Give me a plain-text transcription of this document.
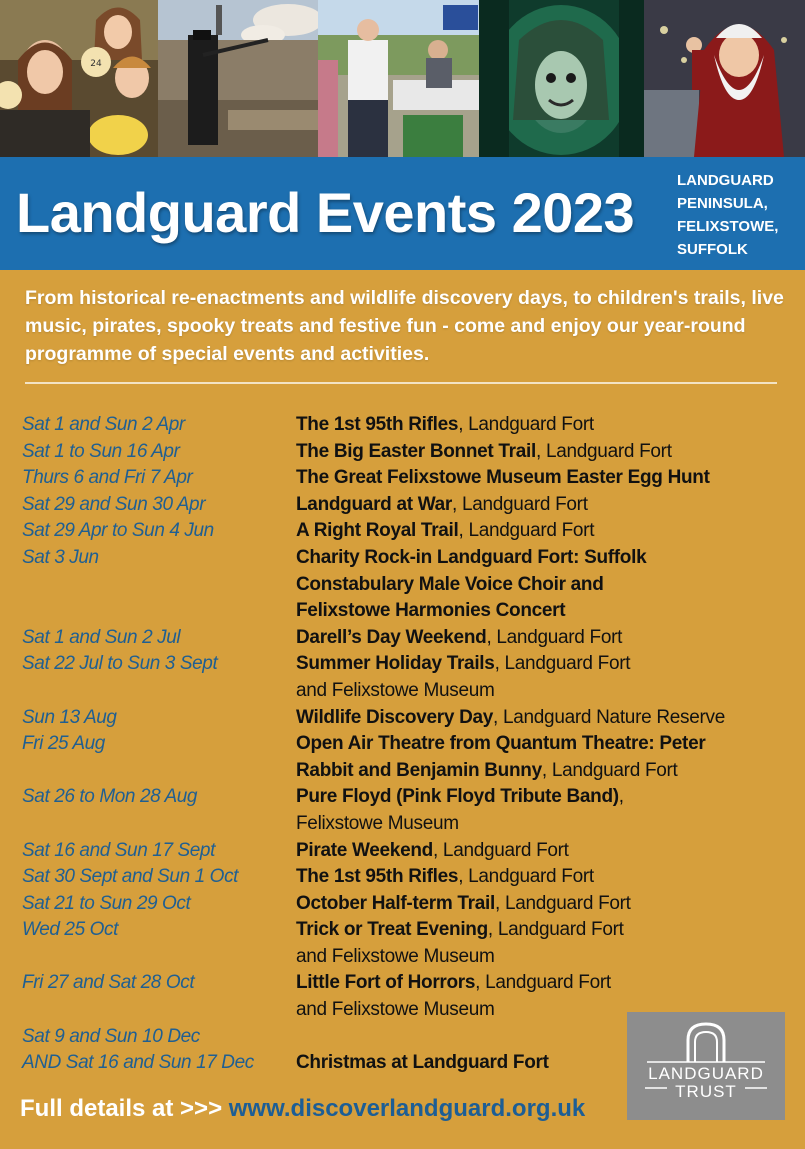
24
Landguard Events 2023
LANDGUARD
PENINSULA,
FELIXSTOWE,
SUFFOLK
From historical re-enactments and wildlife discovery days, to children's trails, live music, pirates, spooky treats and festive fun - come and enjoy our year-round programme of special events and activities.
Sat 1 and Sun 2 Apr	The 1st 95th Rifles, Landguard Fort
Sat 1 to Sun 16 Apr	The Big Easter Bonnet Trail, Landguard Fort
Thurs 6 and Fri 7 Apr	The Great Felixstowe Museum Easter Egg Hunt
Sat 29 and Sun 30 Apr	Landguard at War, Landguard Fort
Sat 29 Apr to Sun 4 Jun	A Right Royal Trail, Landguard Fort
Sat 3 Jun	Charity Rock-in Landguard Fort: Suffolk
Constabulary Male Voice Choir and
Felixstowe Harmonies Concert
Sat 1 and Sun 2 Jul	Darell’s Day Weekend, Landguard Fort
Sat 22 Jul to Sun 3 Sept	Summer Holiday Trails, Landguard Fort
and Felixstowe Museum
Sun 13 Aug	Wildlife Discovery Day, Landguard Nature Reserve
Fri 25 Aug	Open Air Theatre from Quantum Theatre: Peter
Rabbit and Benjamin Bunny, Landguard Fort
Sat 26 to Mon 28 Aug	Pure Floyd (Pink Floyd Tribute Band),
Felixstowe Museum
Sat 16 and Sun 17 Sept	Pirate Weekend, Landguard Fort
Sat 30 Sept and Sun 1 Oct	The 1st 95th Rifles, Landguard Fort
Sat 21 to Sun 29 Oct	October Half-term Trail, Landguard Fort
Wed 25 Oct	Trick or Treat Evening, Landguard Fort
and Felixstowe Museum
Fri 27 and Sat 28 Oct	Little Fort of Horrors, Landguard Fort
and Felixstowe Museum
Sat 9 and Sun 10 Dec
AND Sat 16 and Sun 17 Dec
	Christmas at Landguard Fort
LANDGUARD
TRUST
Full details at >>> www.discoverlandguard.org.uk
